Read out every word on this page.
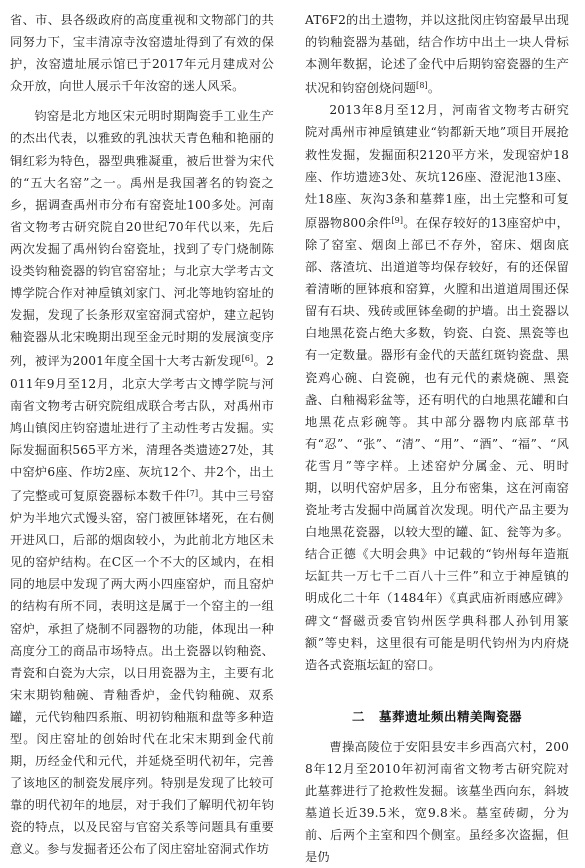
省、市、县各级政府的高度重视和文物部门的共同努力下，宝丰清凉寺汝窑遗址得到了有效的保护，汝窑遗址展示馆已于2017年元月建成对公众开放，向世人展示千年汝窑的迷人风采。

钧窑是北方地区宋元明时期陶瓷手工业生产的杰出代表，以雅致的乳浊状天青色釉和艳丽的铜红彩为特色，器型典雅凝重，被后世誉为宋代的“五大名窑”之一。禹州是我国著名的钧瓷之乡，据调查禹州市分布有窑瓷址100多处。河南省文物考古研究院自20世纪70年代以来，先后两次发掘了禹州钧台窑瓷址，找到了专门烧制陈设类钧釉瓷器的钧官窑窑址；与北京大学考古文博学院合作对神垕镇刘家门、河北等地钧窑址的发掘，发现了长条形双室窑洞式窑炉，建立起钧釉瓷器从北宋晚期出现至金元时期的发展演变序列，被评为2001年度全国十大考古新发现[6]。2011年9月至12月，北京大学考古文博学院与河南省文物考古研究院组成联合考古队，对禹州市鸠山镇闵庄钧窑遗址进行了主动性考古发掘。实际发掘面积565平方米，清理各类遗迹27处，其中窑炉6座、作坊2座、灰坑12个、井2个，出土了完整或可复原瓷器标本数千件[7]。其中三号窑炉为半地穴式馒头窑，窑门被匣钵堵死，在右侧开进风口，后部的烟囱较小，为此前北方地区未见的窑炉结构。在C区一个不大的区域内，在相同的地层中发现了两大两小四座窑炉，而且窑炉的结构有所不同，表明这是属于一个窑主的一组窑炉，承担了烧制不同器物的功能，体现出一种高度分工的商品市场特点。出土瓷器以钧釉瓷、青瓷和白瓷为大宗，以日用瓷器为主，主要有北宋末期钧釉碗、青釉香炉，金代钧釉碗、双系罐，元代钧釉四系瓶、明初钧釉瓶和盘等多种造型。闵庄窑址的创始时代在北宋末期到金代前期，历经金代和元代，并延烧至明代初年，完善了该地区的制瓷发展序列。特别是发现了比较可靠的明代初年的地层，对于我们了解明代初年钧瓷的特点，以及民窑与官窑关系等问题具有重要意义。参与发掘者还公布了闵庄窑址窑洞式作坊

AT6F2的出土遗物，并以这批闵庄钧窑最早出现的钧釉瓷器为基础，结合作坊中出土一块人骨标本测年数据，论述了金代中后期钧窑瓷器的生产状况和钧窑创烧问题[8]。

2013年8月至12月，河南省文物考古研究院对禹州市神垕镇建业“钧都新天地”项目开展抢救性发掘，发掘面积2120平方米，发现窑炉18座、作坊遗迹3处、灰坑126座、澄泥池13座、灶18座、灰沟3条和墓葬1座，出土完整和可复原器物800余件[9]。在保存较好的13座窑炉中，除了窑室、烟囱上部已不存外，窑床、烟囱底部、落渣坑、出道道等均保存较好，有的还保留着清晰的匣钵痕和窑算，火膛和出道道周围还保留有石块、残砖或匣钵垒砌的护墙。出土瓷器以白地黑花瓷占绝大多数，钧瓷、白瓷、黑瓷等也有一定数量。器形有金代的天蓝红斑钧瓷盘、黑瓷鸡心碗、白瓷碗，也有元代的素烧碗、黑瓷盏、白釉褐彩盆等，还有明代的白地黑花罐和白地黑花点彩碗等。其中部分器物内底部草书有“忍”、“张”、“清”、“用”、“酒”、“福”、“风花雪月”等字样。上述窑炉分属金、元、明时期，以明代窑炉居多，且分布密集，这在河南窑瓷址考古发掘中尚属首次发现。明代产品主要为白地黑花瓷器，以较大型的罐、缸、瓮等为多。结合正德《大明会典》中记载的“钧州每年造瓶坛缸共一万七千二百八十三件”和立于神垕镇的明成化二十年（1484年）《真武庙祈雨感应碑》碑文“督磁贡委官钧州医学典科郡人孙钊用篆额”等史料，这里很有可能是明代钧州为内府烧造各式瓷瓶坛缸的窑口。

二 墓葬遗址频出精美陶瓷器

曹操高陵位于安阳县安丰乡西高穴村，2008年12月至2010年初河南省文物考古研究院对此墓葬进行了抢救性发掘。该墓坐西向东，斜坡墓道长近39.5米，宽9.8米。墓室砖砌，分为前、后两个主室和四个侧室。虽经多次盗掘，但是仍
